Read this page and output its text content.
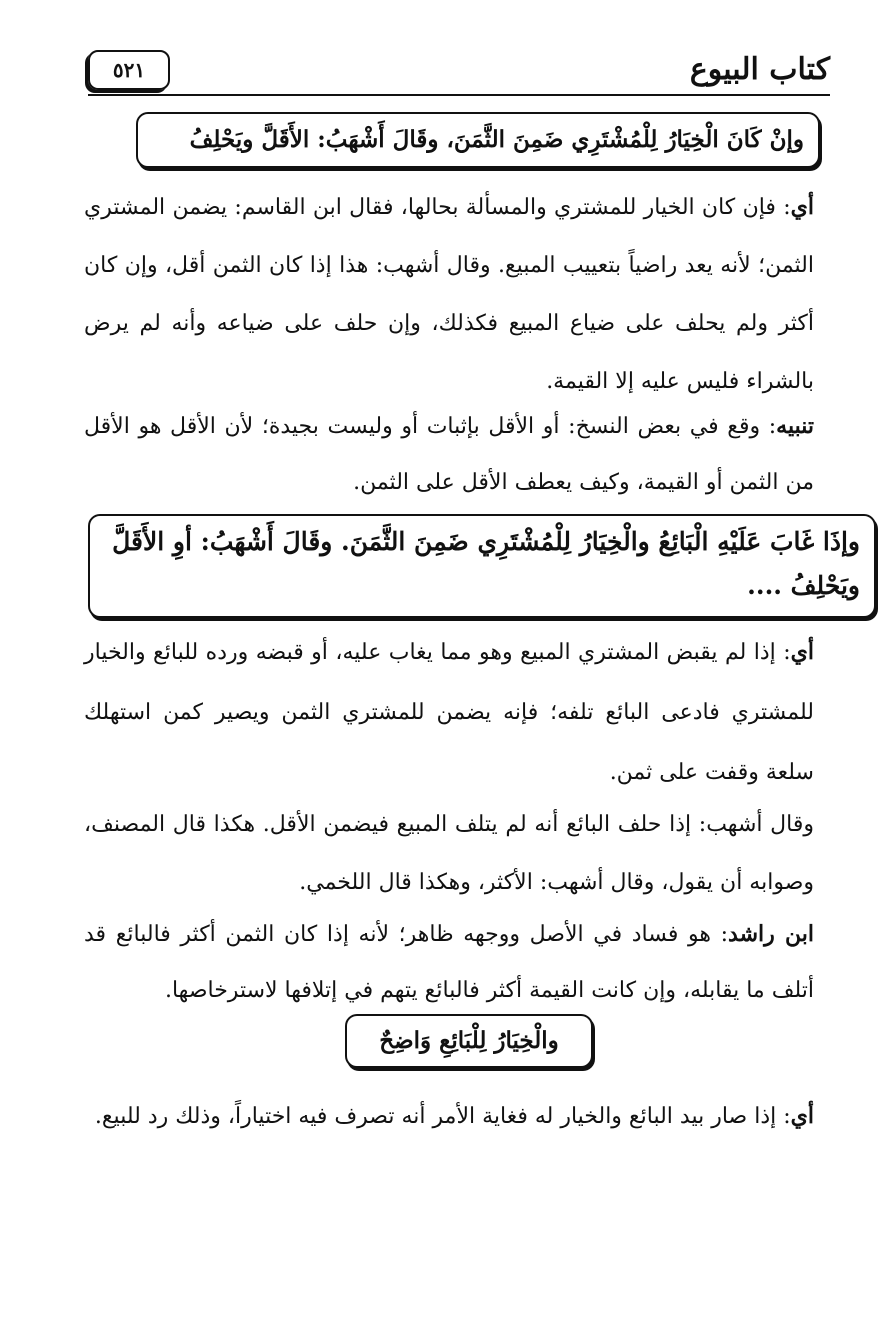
كتاب البيوع
٥٢١
وإنْ كَانَ الْخِيَارُ لِلْمُشْتَرِي ضَمِنَ الثَّمَنَ، وقَالَ أَشْهَبُ: الأَقَلَّ ويَحْلِفُ
أي: فإن كان الخيار للمشتري والمسألة بحالها، فقال ابن القاسم: يضمن المشتري الثمن؛ لأنه يعد راضياً بتعييب المبيع. وقال أشهب: هذا إذا كان الثمن أقل، وإن كان أكثر ولم يحلف على ضياع المبيع فكذلك، وإن حلف على ضياعه وأنه لم يرض بالشراء فليس عليه إلا القيمة.
تنبيه: وقع في بعض النسخ: أو الأقل بإثبات أو وليست بجيدة؛ لأن الأقل هو الأقل من الثمن أو القيمة، وكيف يعطف الأقل على الثمن.
وإذَا غَابَ عَلَيْهِ الْبَائِعُ والْخِيَارُ لِلْمُشْتَرِي ضَمِنَ الثَّمَنَ. وقَالَ أَشْهَبُ: أوِ الأَقَلَّ ويَحْلِفُ ....
أي: إذا لم يقبض المشتري المبيع وهو مما يغاب عليه، أو قبضه ورده للبائع والخيار للمشتري فادعى البائع تلفه؛ فإنه يضمن للمشتري الثمن ويصير كمن استهلك سلعة وقفت على ثمن.
وقال أشهب: إذا حلف البائع أنه لم يتلف المبيع فيضمن الأقل. هكذا قال المصنف، وصوابه أن يقول، وقال أشهب: الأكثر، وهكذا قال اللخمي.
ابن راشد: هو فساد في الأصل ووجهه ظاهر؛ لأنه إذا كان الثمن أكثر فالبائع قد أتلف ما يقابله، وإن كانت القيمة أكثر فالبائع يتهم في إتلافها لاسترخاصها.
والْخِيَارُ لِلْبَائِعِ وَاضِحٌ
أي: إذا صار بيد البائع والخيار له فغاية الأمر أنه تصرف فيه اختياراً، وذلك رد للبيع.
